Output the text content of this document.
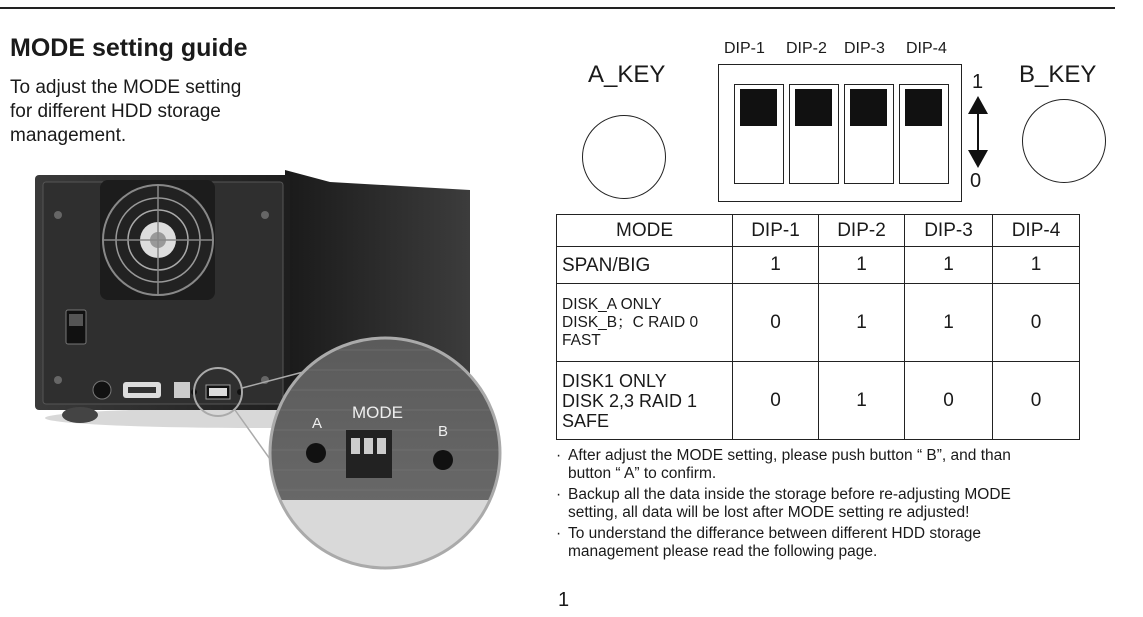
MODE setting guide
To adjust the MODE setting
for different HDD storage
management.
A
MODE
B
A_KEY	B_KEY
DIP-1 DIP-2 DIP-3 DIP-4
1
0
MODE	DIP-1	DIP-2	DIP-3	DIP-4

SPAN/BIG	1	1	1	1

DISK_A ONLY
DISK_B；C RAID 0
FAST	0	1	1	0

DISK1 ONLY
DISK 2,3 RAID 1
SAFE	0	1	0	0
· After adjust the MODE setting, please push button “ B”, and than
button “ A” to confirm.
· Backup all the data inside the storage before re-adjusting MODE
setting, all data will be lost after MODE setting re adjusted!
· To understand the differance between different HDD storage
management please read the following page.
1
